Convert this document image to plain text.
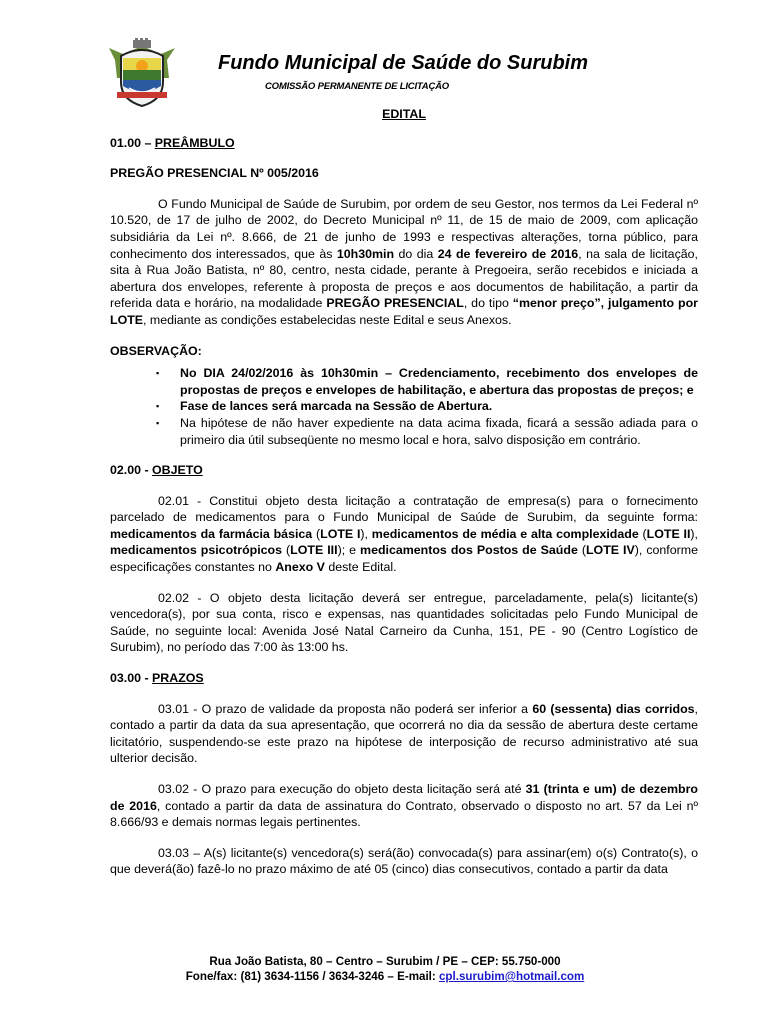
Fundo Municipal de Saúde do Surubim
COMISSÃO PERMANENTE DE LICITAÇÃO

EDITAL

01.00 – PREÂMBULO

PREGÃO PRESENCIAL Nº 005/2016

O Fundo Municipal de Saúde de Surubim, por ordem de seu Gestor, nos termos da Lei Federal nº 10.520, de 17 de julho de 2002, do Decreto Municipal nº 11, de 15 de maio de 2009, com aplicação subsidiária da Lei nº. 8.666, de 21 de junho de 1993 e respectivas alterações, torna público, para conhecimento dos interessados, que às 10h30min do dia 24 de fevereiro de 2016, na sala de licitação, sita à Rua João Batista, nº 80, centro, nesta cidade, perante à Pregoeira, serão recebidos e iniciada a abertura dos envelopes, referente à proposta de preços e aos documentos de habilitação, a partir da referida data e horário, na modalidade PREGÃO PRESENCIAL, do tipo “menor preço”, julgamento por LOTE, mediante as condições estabelecidas neste Edital e seus Anexos.

OBSERVAÇÃO:

▪ No DIA 24/02/2016 às 10h30min – Credenciamento, recebimento dos envelopes de propostas de preços e envelopes de habilitação, e abertura das propostas de preços; e
▪ Fase de lances será marcada na Sessão de Abertura.
▪ Na hipótese de não haver expediente na data acima fixada, ficará a sessão adiada para o primeiro dia útil subseqüente no mesmo local e hora, salvo disposição em contrário.

02.00 - OBJETO

02.01 - Constitui objeto desta licitação a contratação de empresa(s) para o fornecimento parcelado de medicamentos para o Fundo Municipal de Saúde de Surubim, da seguinte forma: medicamentos da farmácia básica (LOTE I), medicamentos de média e alta complexidade (LOTE II), medicamentos psicotrópicos (LOTE III); e medicamentos dos Postos de Saúde (LOTE IV), conforme especificações constantes no Anexo V deste Edital.

02.02 - O objeto desta licitação deverá ser entregue, parceladamente, pela(s) licitante(s) vencedora(s), por sua conta, risco e expensas, nas quantidades solicitadas pelo Fundo Municipal de Saúde, no seguinte local: Avenida José Natal Carneiro da Cunha, 151, PE - 90 (Centro Logístico de Surubim), no período das 7:00 às 13:00 hs.

03.00 - PRAZOS

03.01 - O prazo de validade da proposta não poderá ser inferior a 60 (sessenta) dias corridos, contado a partir da data da sua apresentação, que ocorrerá no dia da sessão de abertura deste certame licitatório, suspendendo-se este prazo na hipótese de interposição de recurso administrativo até sua ulterior decisão.

03.02 - O prazo para execução do objeto desta licitação será até 31 (trinta e um) de dezembro de 2016, contado a partir da data de assinatura do Contrato, observado o disposto no art. 57 da Lei nº 8.666/93 e demais normas legais pertinentes.

03.03 – A(s) licitante(s) vencedora(s) será(ão) convocada(s) para assinar(em) o(s) Contrato(s), o que deverá(ão) fazê-lo no prazo máximo de até 05 (cinco) dias consecutivos, contado a partir da data

Rua João Batista, 80 – Centro – Surubim / PE – CEP: 55.750-000
Fone/fax: (81) 3634-1156 / 3634-3246 – E-mail: cpl.surubim@hotmail.com
